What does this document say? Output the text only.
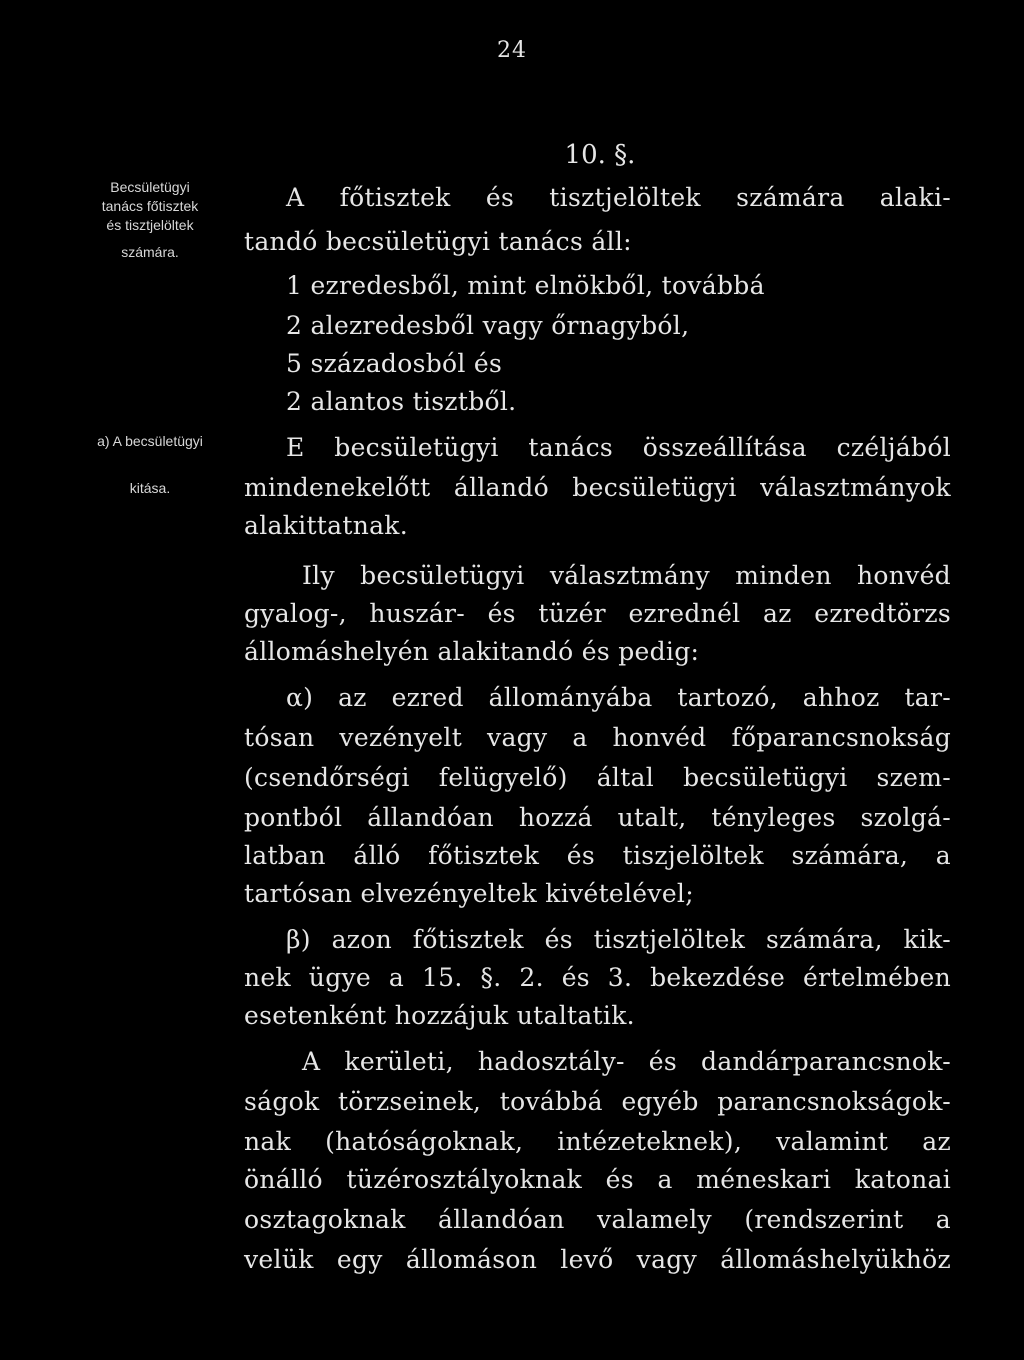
24
10. §.
Becsületügyi
tanács főtisztek
és tisztjelöltek
számára.
a) A becsületügyi
kitása.
A főtisztek és tisztjelöltek számára alaki-
tandó becsületügyi tanács áll:
1 ezredesből, mint elnökből, továbbá
2 alezredesből vagy őrnagyból,
5 századosból és
2 alantos tisztből.
E becsületügyi tanács összeállítása czéljából
mindenekelőtt állandó becsületügyi választmányok
alakittatnak.
Ily becsületügyi választmány minden honvéd
gyalog-, huszár- és tüzér ezrednél az ezredtörzs
állomáshelyén alakitandó és pedig:
α) az ezred állományába tartozó, ahhoz tar-
tósan vezényelt vagy a honvéd főparancsnokság
(csendőrségi felügyelő) által becsületügyi szem-
pontból állandóan hozzá utalt, tényleges szolgá-
latban álló főtisztek és tiszjelöltek számára, a
tartósan elvezényeltek kivételével;
β) azon főtisztek és tisztjelöltek számára, kik-
nek ügye a 15. §. 2. és 3. bekezdése értelmében
esetenként hozzájuk utaltatik.
A kerületi, hadosztály- és dandárparancsnok-
ságok törzseinek, továbbá egyéb parancsnokságok-
nak (hatóságoknak, intézeteknek), valamint az
önálló tüzérosztályoknak és a méneskari katonai
osztagoknak állandóan valamely (rendszerint a
velük egy állomáson levő vagy állomáshelyükhöz
